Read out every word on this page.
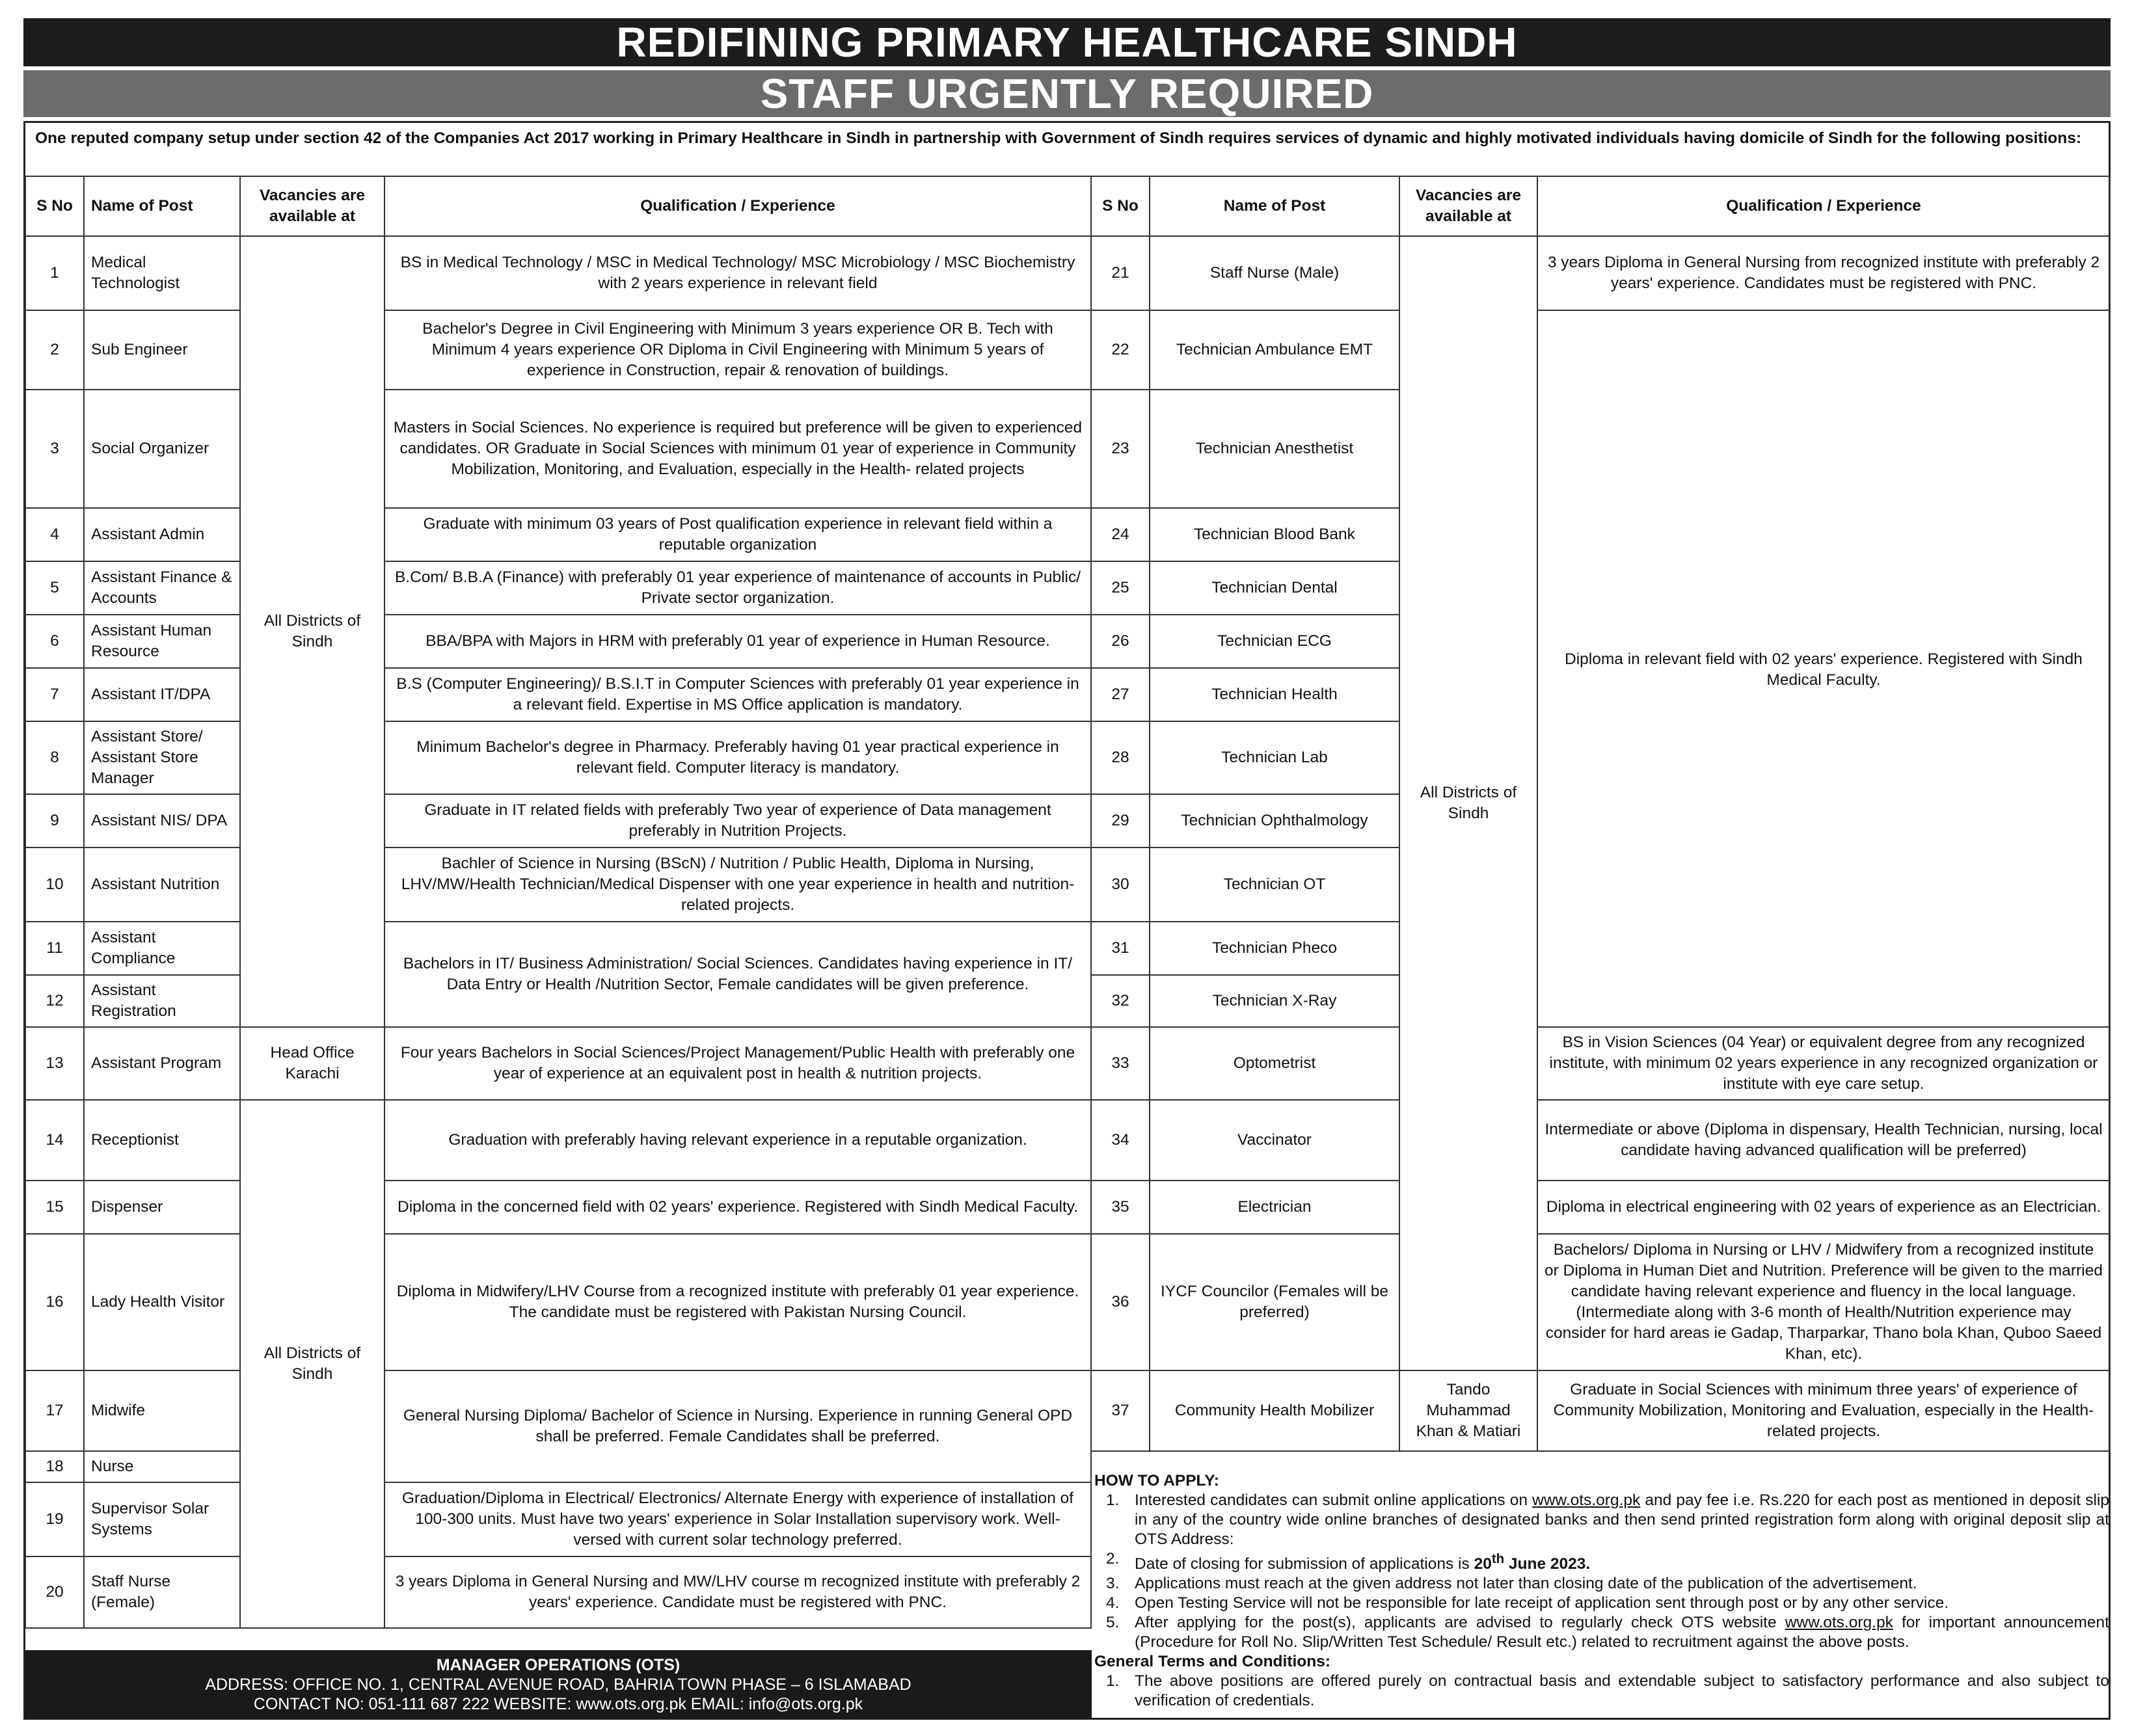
REDIFINING PRIMARY HEALTHCARE SINDH
STAFF URGENTLY REQUIRED
One reputed company setup under section 42 of the Companies Act 2017 working in Primary Healthcare in Sindh in partnership with Government of Sindh requires services of dynamic and highly motivated individuals having domicile of Sindh for the following positions:
S No	Name of Post	Vacancies are available at	Qualification / Experience
1	Medical Technologist	All Districts of Sindh	BS in Medical Technology / MSC in Medical Technology/ MSC Microbiology / MSC Biochemistry with 2 years experience in relevant field
2	Sub Engineer		Bachelor's Degree in Civil Engineering with Minimum 3 years experience OR B. Tech with Minimum 4 years experience OR Diploma in Civil Engineering with Minimum 5 years of experience in Construction, repair & renovation of buildings.
3	Social Organizer		Masters in Social Sciences. No experience is required but preference will be given to experienced candidates. OR Graduate in Social Sciences with minimum 01 year of experience in Community Mobilization, Monitoring, and Evaluation, especially in the Health- related projects
4	Assistant Admin		Graduate with minimum 03 years of Post qualification experience in relevant field within a reputable organization
5	Assistant Finance & Accounts		B.Com/ B.B.A (Finance) with preferably 01 year experience of maintenance of accounts in Public/ Private sector organization.
6	Assistant Human Resource		BBA/BPA with Majors in HRM with preferably 01 year of experience in Human Resource.
7	Assistant IT/DPA		B.S (Computer Engineering)/ B.S.I.T in Computer Sciences with preferably 01 year experience in a relevant field. Expertise in MS Office application is mandatory.
8	Assistant Store/ Assistant Store Manager		Minimum Bachelor's degree in Pharmacy. Preferably having 01 year practical experience in relevant field. Computer literacy is mandatory.
9	Assistant NIS/ DPA		Graduate in IT related fields with preferably Two year of experience of Data management preferably in Nutrition Projects.
10	Assistant Nutrition		Bachler of Science in Nursing (BScN) / Nutrition / Public Health, Diploma in Nursing, LHV/MW/Health Technician/Medical Dispenser with one year experience in health and nutrition-related projects.
11	Assistant Compliance		Bachelors in IT/ Business Administration/ Social Sciences. Candidates having experience in IT/ Data Entry or Health /Nutrition Sector, Female candidates will be given preference.
12	Assistant Registration		
13	Assistant Program	Head Office Karachi	Four years Bachelors in Social Sciences/Project Management/Public Health with preferably one year of experience at an equivalent post in health & nutrition projects.
14	Receptionist	All Districts of Sindh	Graduation with preferably having relevant experience in a reputable organization.
15	Dispenser		Diploma in the concerned field with 02 years' experience. Registered with Sindh Medical Faculty.
16	Lady Health Visitor		Diploma in Midwifery/LHV Course from a recognized institute with preferably 01 year experience. The candidate must be registered with Pakistan Nursing Council.
17	Midwife		General Nursing Diploma/ Bachelor of Science in Nursing. Experience in running General OPD shall be preferred. Female Candidates shall be preferred.
18	Nurse		
19	Supervisor Solar Systems		Graduation/Diploma in Electrical/ Electronics/ Alternate Energy with experience of installation of 100-300 units. Must have two years' experience in Solar Installation supervisory work. Well- versed with current solar technology preferred.
20	Staff Nurse (Female)		3 years Diploma in General Nursing and MW/LHV course m recognized institute with preferably 2 years' experience. Candidate must be registered with PNC.
S No	Name of Post	Vacancies are available at	Qualification / Experience
21	Staff Nurse (Male)	All Districts of Sindh	3 years Diploma in General Nursing from recognized institute with preferably 2 years' experience. Candidates must be registered with PNC.
22	Technician Ambulance EMT		Diploma in relevant field with 02 years' experience. Registered with Sindh Medical Faculty.
23	Technician Anesthetist		
24	Technician Blood Bank		
25	Technician Dental		
26	Technician ECG		
27	Technician Health		
28	Technician Lab		
29	Technician Ophthalmology		
30	Technician OT		
31	Technician Pheco		
32	Technician X-Ray		
33	Optometrist		BS in Vision Sciences (04 Year) or equivalent degree from any recognized institute, with minimum 02 years experience in any recognized organization or institute with eye care setup.
34	Vaccinator		Intermediate or above (Diploma in dispensary, Health Technician, nursing, local candidate having advanced qualification will be preferred)
35	Electrician		Diploma in electrical engineering with 02 years of experience as an Electrician.
36	IYCF Councilor (Females will be preferred)		Bachelors/ Diploma in Nursing or LHV / Midwifery from a recognized institute or Diploma in Human Diet and Nutrition. Preference will be given to the married candidate having relevant experience and fluency in the local language. (Intermediate along with 3-6 month of Health/Nutrition experience may consider for hard areas ie Gadap, Tharparkar, Thano bola Khan, Quboo Saeed Khan, etc).
37	Community Health Mobilizer	Tando Muhammad Khan & Matiari	Graduate in Social Sciences with minimum three years' of experience of Community Mobilization, Monitoring and Evaluation, especially in the Health-related projects.
HOW TO APPLY:
1. Interested candidates can submit online applications on www.ots.org.pk and pay fee i.e. Rs.220 for each post as mentioned in deposit slip in any of the country wide online branches of designated banks and then send printed registration form along with original deposit slip at OTS Address:
2. Date of closing for submission of applications is 20th June 2023.
3. Applications must reach at the given address not later than closing date of the publication of the advertisement.
4. Open Testing Service will not be responsible for late receipt of application sent through post or by any other service.
5. After applying for the post(s), applicants are advised to regularly check OTS website www.ots.org.pk for important announcement (Procedure for Roll No. Slip/Written Test Schedule/ Result etc.) related to recruitment against the above posts.
General Terms and Conditions:
1. The above positions are offered purely on contractual basis and extendable subject to satisfactory performance and also subject to verification of credentials.
MANAGER OPERATIONS (OTS)
ADDRESS: OFFICE NO. 1, CENTRAL AVENUE ROAD, BAHRIA TOWN PHASE – 6 ISLAMABAD
CONTACT NO: 051-111 687 222 WEBSITE: www.ots.org.pk EMAIL: info@ots.org.pk
